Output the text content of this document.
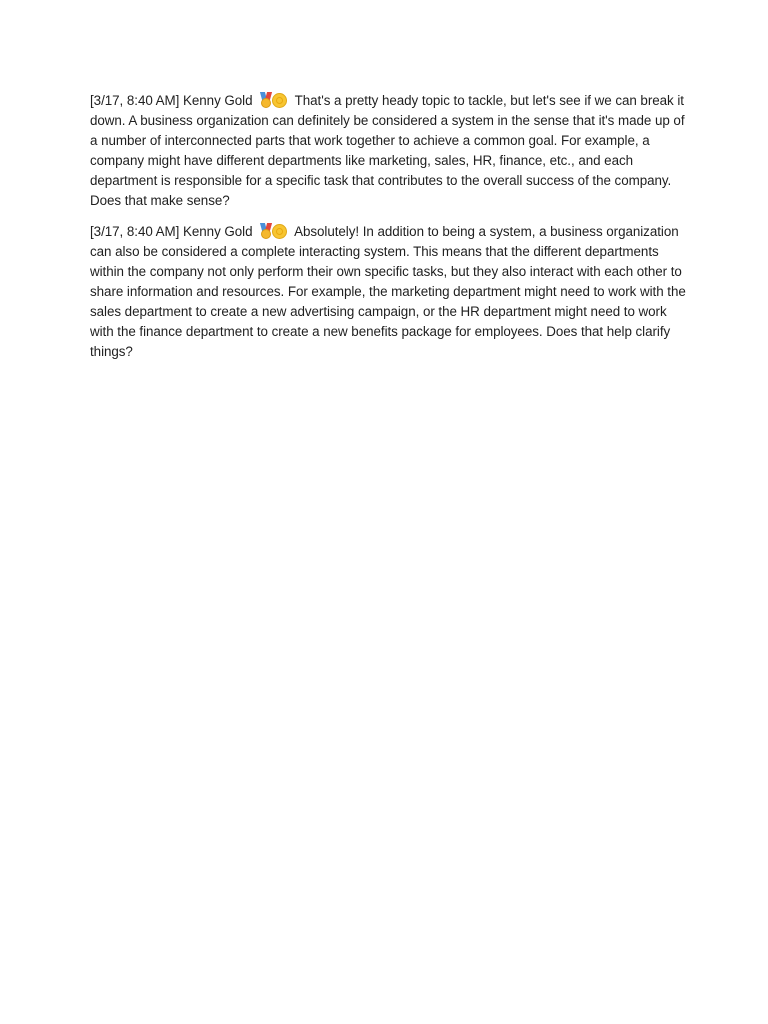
[3/17, 8:40 AM] Kenny Gold	That's a pretty heady topic to tackle, but let's see if we can break it down. A business organization can definitely be considered a system in the sense that it's made up of a number of interconnected parts that work together to achieve a common goal. For example, a company might have different departments like marketing, sales, HR, finance, etc., and each department is responsible for a specific task that contributes to the overall success of the company. Does that make sense?

[3/17, 8:40 AM] Kenny Gold	Absolutely! In addition to being a system, a business organization can also be considered a complete interacting system. This means that the different departments within the company not only perform their own specific tasks, but they also interact with each other to share information and resources. For example, the marketing department might need to work with the sales department to create a new advertising campaign, or the HR department might need to work with the finance department to create a new benefits package for employees. Does that help clarify things?
